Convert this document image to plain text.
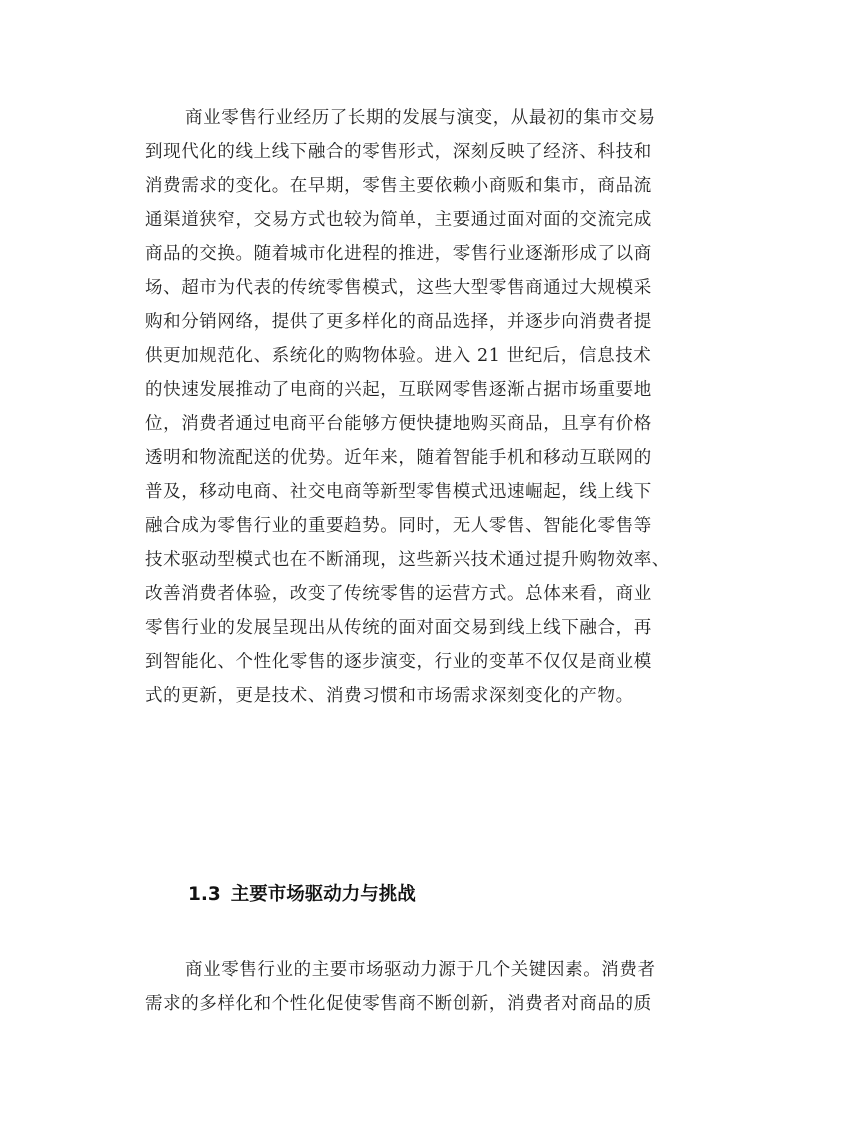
商业零售行业经历了长期的发展与演变，从最初的集市交易
到现代化的线上线下融合的零售形式，深刻反映了经济、科技和
消费需求的变化。在早期，零售主要依赖小商贩和集市，商品流
通渠道狭窄，交易方式也较为简单，主要通过面对面的交流完成
商品的交换。随着城市化进程的推进，零售行业逐渐形成了以商
场、超市为代表的传统零售模式，这些大型零售商通过大规模采
购和分销网络，提供了更多样化的商品选择，并逐步向消费者提
供更加规范化、系统化的购物体验。进入 21 世纪后，信息技术
的快速发展推动了电商的兴起，互联网零售逐渐占据市场重要地
位，消费者通过电商平台能够方便快捷地购买商品，且享有价格
透明和物流配送的优势。近年来，随着智能手机和移动互联网的
普及，移动电商、社交电商等新型零售模式迅速崛起，线上线下
融合成为零售行业的重要趋势。同时，无人零售、智能化零售等
技术驱动型模式也在不断涌现，这些新兴技术通过提升购物效率、
改善消费者体验，改变了传统零售的运营方式。总体来看，商业
零售行业的发展呈现出从传统的面对面交易到线上线下融合，再
到智能化、个性化零售的逐步演变，行业的变革不仅仅是商业模
式的更新，更是技术、消费习惯和市场需求深刻变化的产物。
1.3 主要市场驱动力与挑战
商业零售行业的主要市场驱动力源于几个关键因素。消费者
需求的多样化和个性化促使零售商不断创新，消费者对商品的质
